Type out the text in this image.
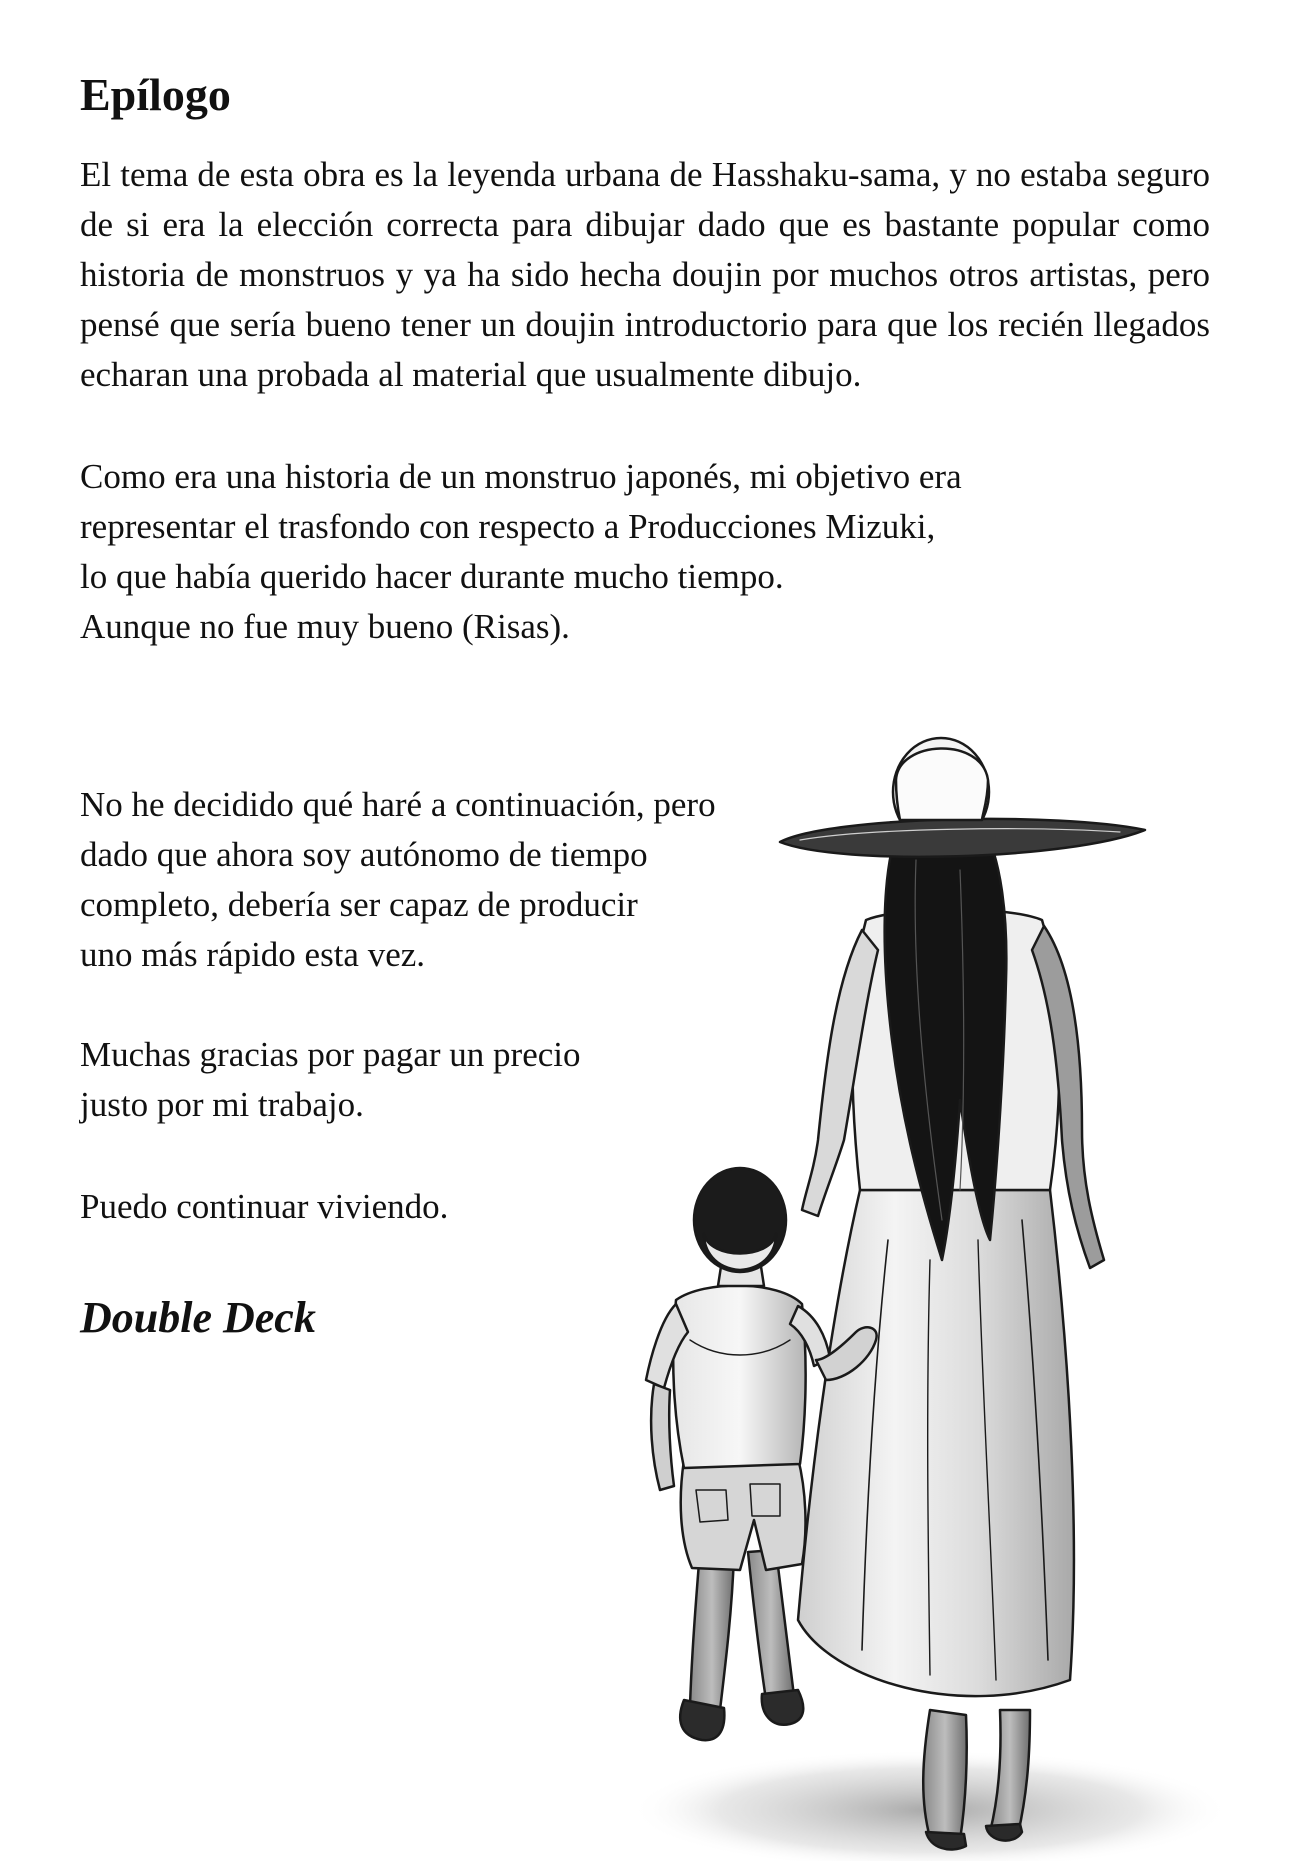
Epílogo

El tema de esta obra es la leyenda urbana de Hasshaku-sama, y no estaba seguro de si era la elección correcta para dibujar dado que es bastante popular como historia de monstruos y ya ha sido hecha doujin por muchos otros artistas, pero pensé que sería bueno tener un doujin introductorio para que los recién llegados echaran una probada al material que usualmente dibujo.

Como era una historia de un monstruo japonés, mi objetivo era
representar el trasfondo con respecto a Producciones Mizuki,
lo que había querido hacer durante mucho tiempo.
Aunque no fue muy bueno (Risas).
No he decidido qué haré a continuación, pero
dado que ahora soy autónomo de tiempo
completo, debería ser capaz de producir
uno más rápido esta vez.
Muchas gracias por pagar un precio
justo por mi trabajo.

Puedo continuar viviendo.

Double Deck
